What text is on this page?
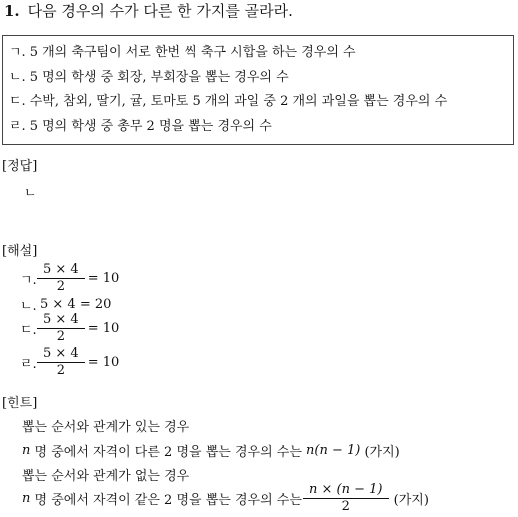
1. 다음 경우의 수가 다른 한 가지를 골라라.
ㄱ. 5 개의 축구팀이 서로 한번 씩 축구 시합을 하는 경우의 수
ㄴ. 5 명의 학생 중 회장, 부회장을 뽑는 경우의 수
ㄷ. 수박, 참외, 딸기, 귤, 토마토 5 개의 과일 중 2 개의 과일을 뽑는 경우의 수
ㄹ. 5 명의 학생 중 총무 2 명을 뽑는 경우의 수
[정답]
ㄴ
[해설]
ㄱ. $\frac{5 \times 4}{2} = 10$
ㄴ. 5 × 4 = 20
ㄷ. $\frac{5 \times 4}{2} = 10$
ㄹ. $\frac{5 \times 4}{2} = 10$
[힌트]
뽑는 순서와 관계가 있는 경우
n 명 중에서 자격이 다른 2 명을 뽑는 경우의 수는 n(n − 1) (가지)
뽑는 순서와 관계가 없는 경우
n 명 중에서 자격이 같은 2 명을 뽑는 경우의 수는 $\frac{n \times (n - 1)}{2}$ (가지)
